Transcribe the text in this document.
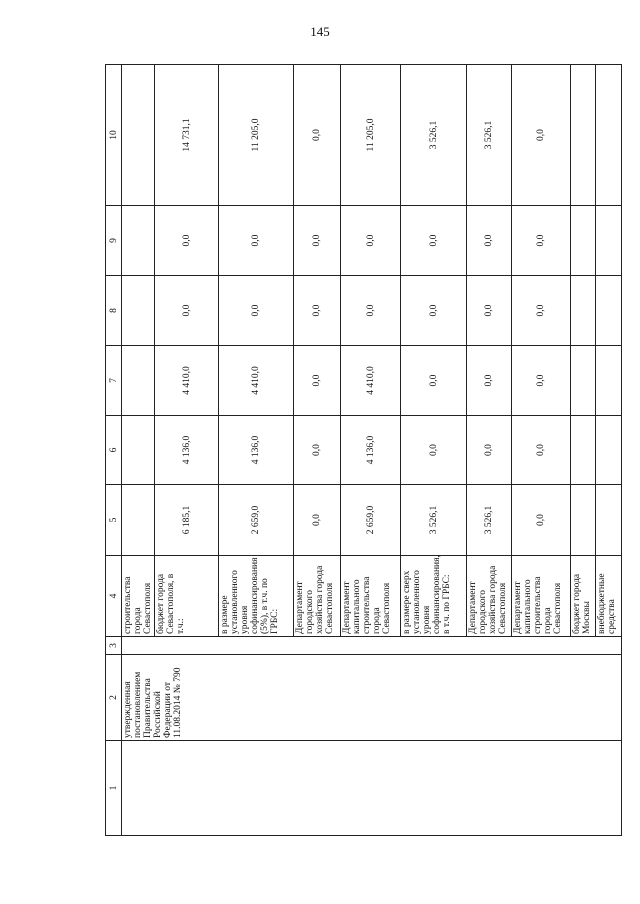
145
1	2	3	4	5	6	7	8	9	10
	утвержденная постановлением Правительства Российской Федерации от 11.08.2014 № 790		строительства города Севастополя						
			бюджет города Севастополя, в т.ч.:	6 185,1	4 136,0	4 410,0	0,0	0,0	14 731,1
			в размере установленного уровня софинансирования (5%), в т.ч. по ГРБС:	2 659,0	4 136,0	4 410,0	0,0	0,0	11 205,0
			Департамент городского хозяйства города Севастополя	0,0	0,0	0,0	0,0	0,0	0,0
			Департамент капитального строительства города Севастополя	2 659,0	4 136,0	4 410,0	0,0	0,0	11 205,0
			в размере сверх установленного уровня софинансирования, в т.ч. по ГРБС:	3 526,1	0,0	0,0	0,0	0,0	3 526,1
			Департамент городского хозяйства города Севастополя	3 526,1	0,0	0,0	0,0	0,0	3 526,1
			Департамент капитального строительства города Севастополя	0,0	0,0	0,0	0,0	0,0	0,0
			бюджет города Москвы						
			внебюджетные средства						
